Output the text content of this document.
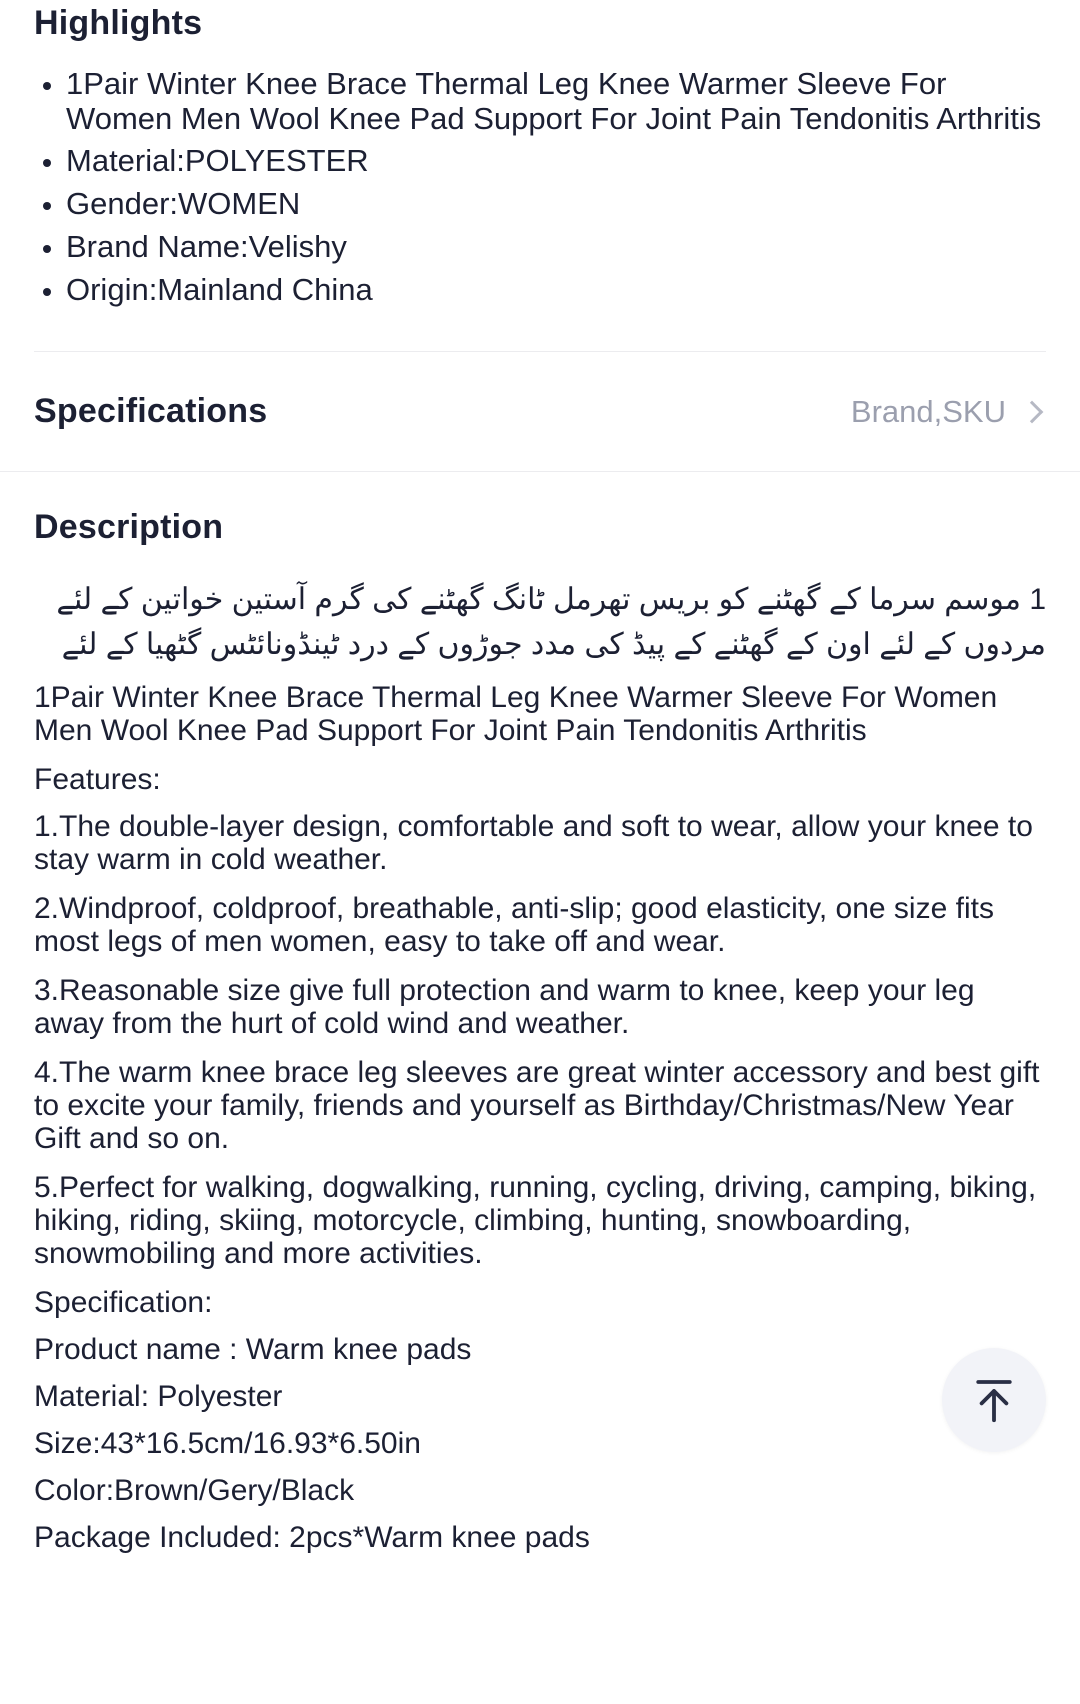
Highlights
1Pair Winter Knee Brace Thermal Leg Knee Warmer Sleeve For Women Men Wool Knee Pad Support For Joint Pain Tendonitis Arthritis
Material:POLYESTER
Gender:WOMEN
Brand Name:Velishy
Origin:Mainland China
Specifications	Brand,SKU
Description
1 موسم سرما کے گھٹنے کو بریس تھرمل ٹانگ گھٹنے کی گرم آستین خواتین کے لئے مردوں کے لئے اون کے گھٹنے کے پیڈ کی مدد جوڑوں کے درد ٹینڈونائٹس گٹھیا کے لئے

1Pair Winter Knee Brace Thermal Leg Knee Warmer Sleeve For Women Men Wool Knee Pad Support For Joint Pain Tendonitis Arthritis

Features:

1.The double-layer design, comfortable and soft to wear, allow your knee to stay warm in cold weather.

2.Windproof, coldproof, breathable, anti-slip; good elasticity, one size fits most legs of men women, easy to take off and wear.

3.Reasonable size give full protection and warm to knee, keep your leg away from the hurt of cold wind and weather.

4.The warm knee brace leg sleeves are great winter accessory and best gift to excite your family, friends and yourself as Birthday/Christmas/New Year Gift and so on.

5.Perfect for walking, dogwalking, running, cycling, driving, camping, biking, hiking, riding, skiing, motorcycle, climbing, hunting, snowboarding, snowmobiling and more activities.

Specification:

Product name : Warm knee pads

Material: Polyester

Size:43*16.5cm/16.93*6.50in

Color:Brown/Gery/Black

Package Included: 2pcs*Warm knee pads
